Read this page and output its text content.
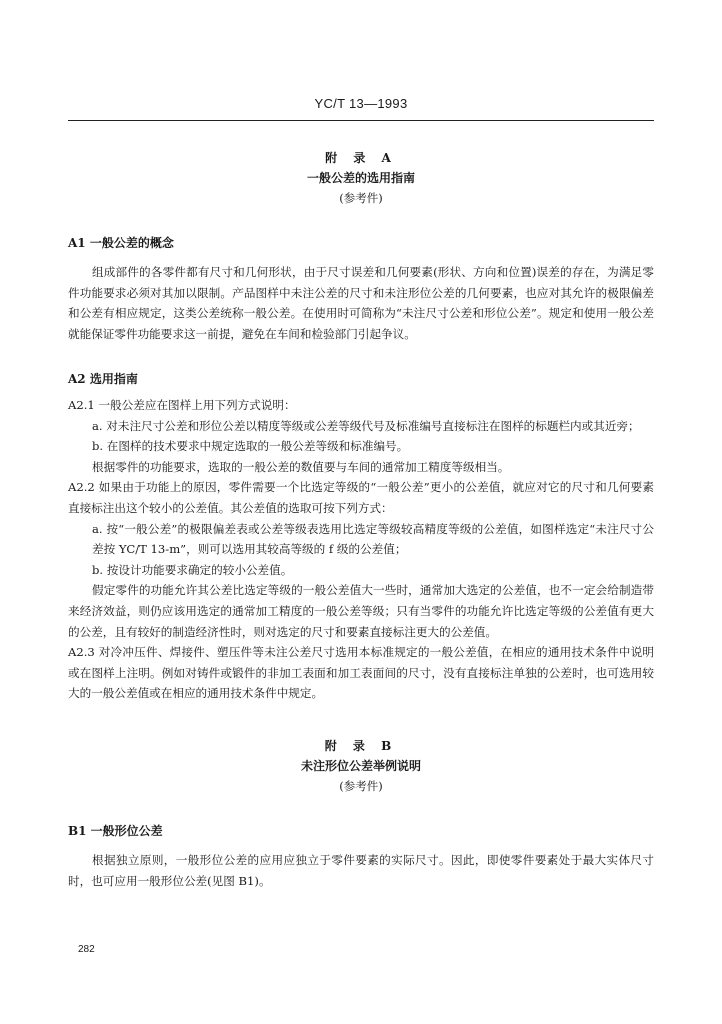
YC/T 13—1993
附 录 A
一般公差的选用指南
(参考件)
A1 一般公差的概念
组成部件的各零件都有尺寸和几何形状，由于尺寸误差和几何要素(形状、方向和位置)误差的存在，为满足零件功能要求必须对其加以限制。产品图样中未注公差的尺寸和未注形位公差的几何要素，也应对其允许的极限偏差和公差有相应规定，这类公差统称一般公差。在使用时可简称为“未注尺寸公差和形位公差”。规定和使用一般公差就能保证零件功能要求这一前提，避免在车间和检验部门引起争议。
A2 选用指南
A2.1 一般公差应在图样上用下列方式说明：
a. 对未注尺寸公差和形位公差以精度等级或公差等级代号及标准编号直接标注在图样的标题栏内或其近旁；
b. 在图样的技术要求中规定选取的一般公差等级和标准编号。
根据零件的功能要求，选取的一般公差的数值要与车间的通常加工精度等级相当。
A2.2 如果由于功能上的原因，零件需要一个比选定等级的“一般公差”更小的公差值，就应对它的尺寸和几何要素直接标注出这个较小的公差值。其公差值的选取可按下列方式：
a. 按“一般公差”的极限偏差表或公差等级表选用比选定等级较高精度等级的公差值，如图样选定“未注尺寸公差按 YC/T 13-m”，则可以选用其较高等级的 f 级的公差值；
b. 按设计功能要求确定的较小公差值。
假定零件的功能允许其公差比选定等级的一般公差值大一些时，通常加大选定的公差值，也不一定会给制造带来经济效益，则仍应该用选定的通常加工精度的一般公差等级；只有当零件的功能允许比选定等级的公差值有更大的公差，且有较好的制造经济性时，则对选定的尺寸和要素直接标注更大的公差值。
A2.3 对冷冲压件、焊接件、塑压件等未注公差尺寸选用本标准规定的一般公差值，在相应的通用技术条件中说明或在图样上注明。例如对铸件或锻件的非加工表面和加工表面间的尺寸，没有直接标注单独的公差时，也可选用较大的一般公差值或在相应的通用技术条件中规定。
附 录 B
未注形位公差举例说明
(参考件)
B1 一般形位公差
根据独立原则，一般形位公差的应用应独立于零件要素的实际尺寸。因此，即使零件要素处于最大实体尺寸时，也可应用一般形位公差(见图 B1)。
282
